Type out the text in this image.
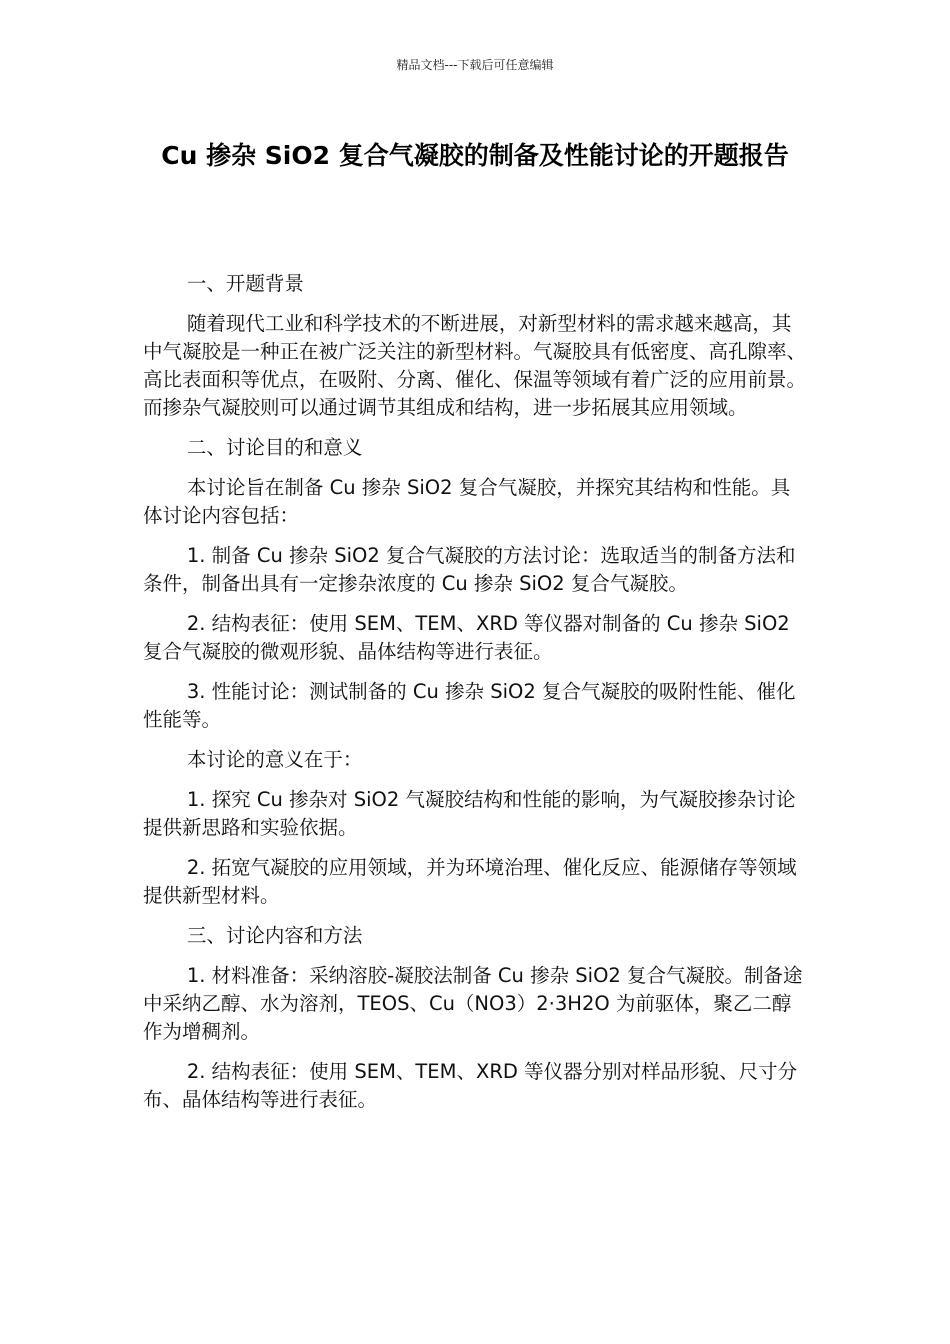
精品文档---下载后可任意编辑
Cu 掺杂 SiO2 复合气凝胶的制备及性能讨论的开题报告

一、开题背景

随着现代工业和科学技术的不断进展，对新型材料的需求越来越高，其中气凝胶是一种正在被广泛关注的新型材料。气凝胶具有低密度、高孔隙率、高比表面积等优点，在吸附、分离、催化、保温等领域有着广泛的应用前景。而掺杂气凝胶则可以通过调节其组成和结构，进一步拓展其应用领域。

二、讨论目的和意义

本讨论旨在制备 Cu 掺杂 SiO2 复合气凝胶，并探究其结构和性能。具体讨论内容包括：

1. 制备 Cu 掺杂 SiO2 复合气凝胶的方法讨论：选取适当的制备方法和条件，制备出具有一定掺杂浓度的 Cu 掺杂 SiO2 复合气凝胶。

2. 结构表征：使用 SEM、TEM、XRD 等仪器对制备的 Cu 掺杂 SiO2 复合气凝胶的微观形貌、晶体结构等进行表征。

3. 性能讨论：测试制备的 Cu 掺杂 SiO2 复合气凝胶的吸附性能、催化性能等。

本讨论的意义在于：

1. 探究 Cu 掺杂对 SiO2 气凝胶结构和性能的影响，为气凝胶掺杂讨论提供新思路和实验依据。

2. 拓宽气凝胶的应用领域，并为环境治理、催化反应、能源储存等领域提供新型材料。

三、讨论内容和方法

1. 材料准备：采纳溶胶-凝胶法制备 Cu 掺杂 SiO2 复合气凝胶。制备途中采纳乙醇、水为溶剂，TEOS、Cu（NO3）2·3H2O 为前驱体，聚乙二醇作为增稠剂。

2. 结构表征：使用 SEM、TEM、XRD 等仪器分别对样品形貌、尺寸分布、晶体结构等进行表征。
